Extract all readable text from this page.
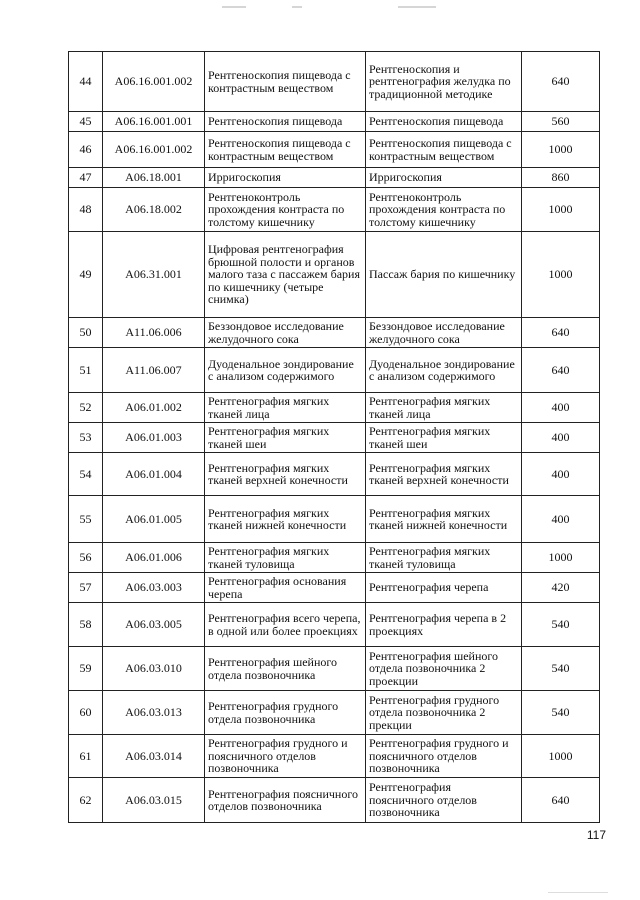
44	A06.16.001.002	Рентгеноскопия пищевода с контрастным веществом	Рентгеноскопия и рентгенография желудка по традиционной методике	640
45	A06.16.001.001	Рентгеноскопия пищевода	Рентгеноскопия пищевода	560
46	A06.16.001.002	Рентгеноскопия пищевода с контрастным веществом	Рентгеноскопия пищевода с контрастным веществом	1000
47	A06.18.001	Ирригоскопия	Ирригоскопия	860
48	A06.18.002	Рентгеноконтроль прохождения контраста по толстому кишечнику	Рентгеноконтроль прохождения контраста по толстому кишечнику	1000
49	A06.31.001	Цифровая рентгенография брюшной полости и органов малого таза с пассажем бария по кишечнику (четыре снимка)	Пассаж бария по кишечнику	1000
50	A11.06.006	Беззондовое исследование желудочного сока	Беззондовое исследование желудочного сока	640
51	A11.06.007	Дуоденальное зондирование с анализом содержимого	Дуоденальное зондирование с анализом содержимого	640
52	A06.01.002	Рентгенография мягких тканей лица	Рентгенография мягких тканей лица	400
53	A06.01.003	Рентгенография мягких тканей шеи	Рентгенография мягких тканей шеи	400
54	A06.01.004	Рентгенография мягких тканей верхней конечности	Рентгенография мягких тканей верхней конечности	400
55	A06.01.005	Рентгенография мягких тканей нижней конечности	Рентгенография мягких тканей нижней конечности	400
56	A06.01.006	Рентгенография мягких тканей туловища	Рентгенография мягких тканей туловища	1000
57	A06.03.003	Рентгенография основания черепа	Рентгенография черепа	420
58	A06.03.005	Рентгенография всего черепа, в одной или более проекциях	Рентгенография черепа в 2 проекциях	540
59	A06.03.010	Рентгенография шейного отдела позвоночника	Рентгенография шейного отдела позвоночника 2 проекции	540
60	A06.03.013	Рентгенография грудного отдела позвоночника	Рентгенография грудного отдела позвоночника 2 прекции	540
61	A06.03.014	Рентгенография грудного и поясничного отделов позвоночника	Рентгенография грудного и поясничного отделов позвоночника	1000
62	A06.03.015	Рентгенография поясничного отделов позвоночника	Рентгенография поясничного отделов позвоночника	640
117
